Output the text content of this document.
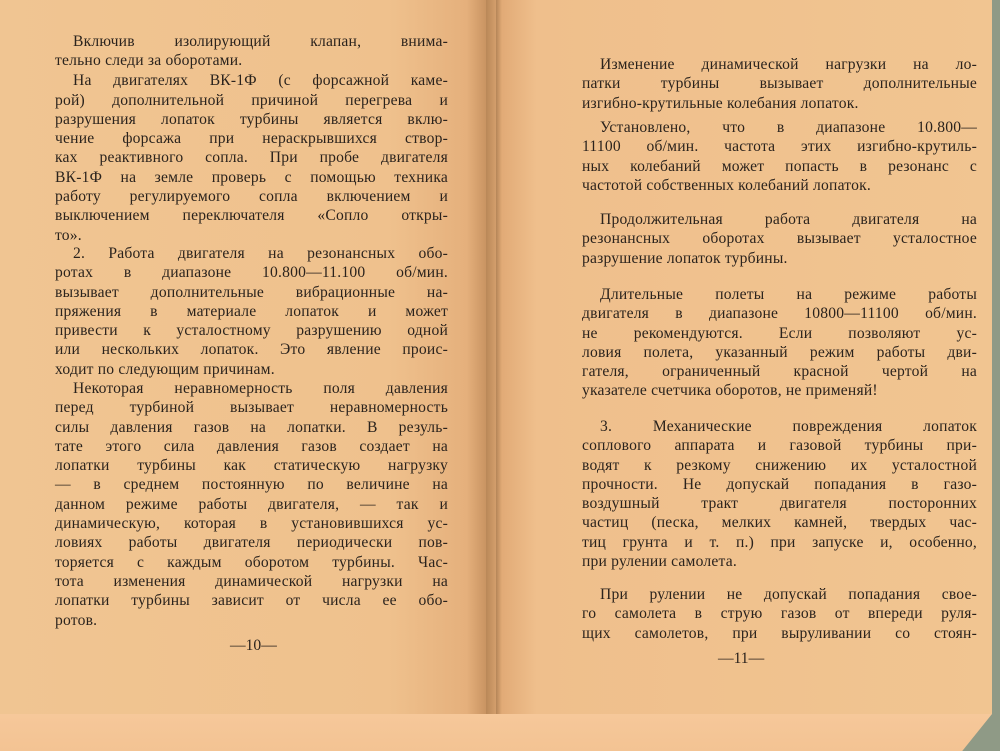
—10—
Включив изолирующий клапан, внима-
тельно следи за оборотами.
На двигателях ВК-1Ф (с форсажной каме-
рой) дополнительной причиной перегрева и
разрушения лопаток турбины является вклю-
чение форсажа при нераскрывшихся створ-
ках реактивного сопла. При пробе двигателя
ВК-1Ф на земле проверь с помощью техника
работу регулируемого сопла включением и
выключением переключателя «Сопло откры-
то».
2. Работа двигателя на резонансных обо-
ротах в диапазоне 10.800—11.100 об/мин.
вызывает дополнительные вибрационные на-
пряжения в материале лопаток и может
привести к усталостному разрушению одной
или нескольких лопаток. Это явление проис-
ходит по следующим причинам.
Некоторая неравномерность поля давления
перед турбиной вызывает неравномерность
силы давления газов на лопатки. В резуль-
тате этого сила давления газов создает на
лопатки турбины как статическую нагрузку
— в среднем постоянную по величине на
данном режиме работы двигателя, — так и
динамическую, которая в установившихся ус-
ловиях работы двигателя периодически пов-
торяется с каждым оборотом турбины. Час-
тота изменения динамической нагрузки на
лопатки турбины зависит от числа ее обо-
ротов.
—11—
Изменение динамической нагрузки на ло-
патки турбины вызывает дополнительные
изгибно-крутильные колебания лопаток.
Установлено, что в диапазоне 10.800—
11100 об/мин. частота этих изгибно-крутиль-
ных колебаний может попасть в резонанс с
частотой собственных колебаний лопаток.
Продолжительная работа двигателя на
резонансных оборотах вызывает усталостное
разрушение лопаток турбины.
Длительные полеты на режиме работы
двигателя в диапазоне 10800—11100 об/мин.
не рекомендуются. Если позволяют ус-
ловия полета, указанный режим работы дви-
гателя, ограниченный красной чертой на
указателе счетчика оборотов, не применяй!
3. Механические повреждения лопаток
соплового аппарата и газовой турбины при-
водят к резкому снижению их усталостной
прочности. Не допускай попадания в газо-
воздушный тракт двигателя посторонних
частиц (песка, мелких камней, твердых час-
тиц грунта и т. п.) при запуске и, особенно,
при рулении самолета.
При рулении не допускай попадания свое-
го самолета в струю газов от впереди руля-
щих самолетов, при выруливании со стоян-
